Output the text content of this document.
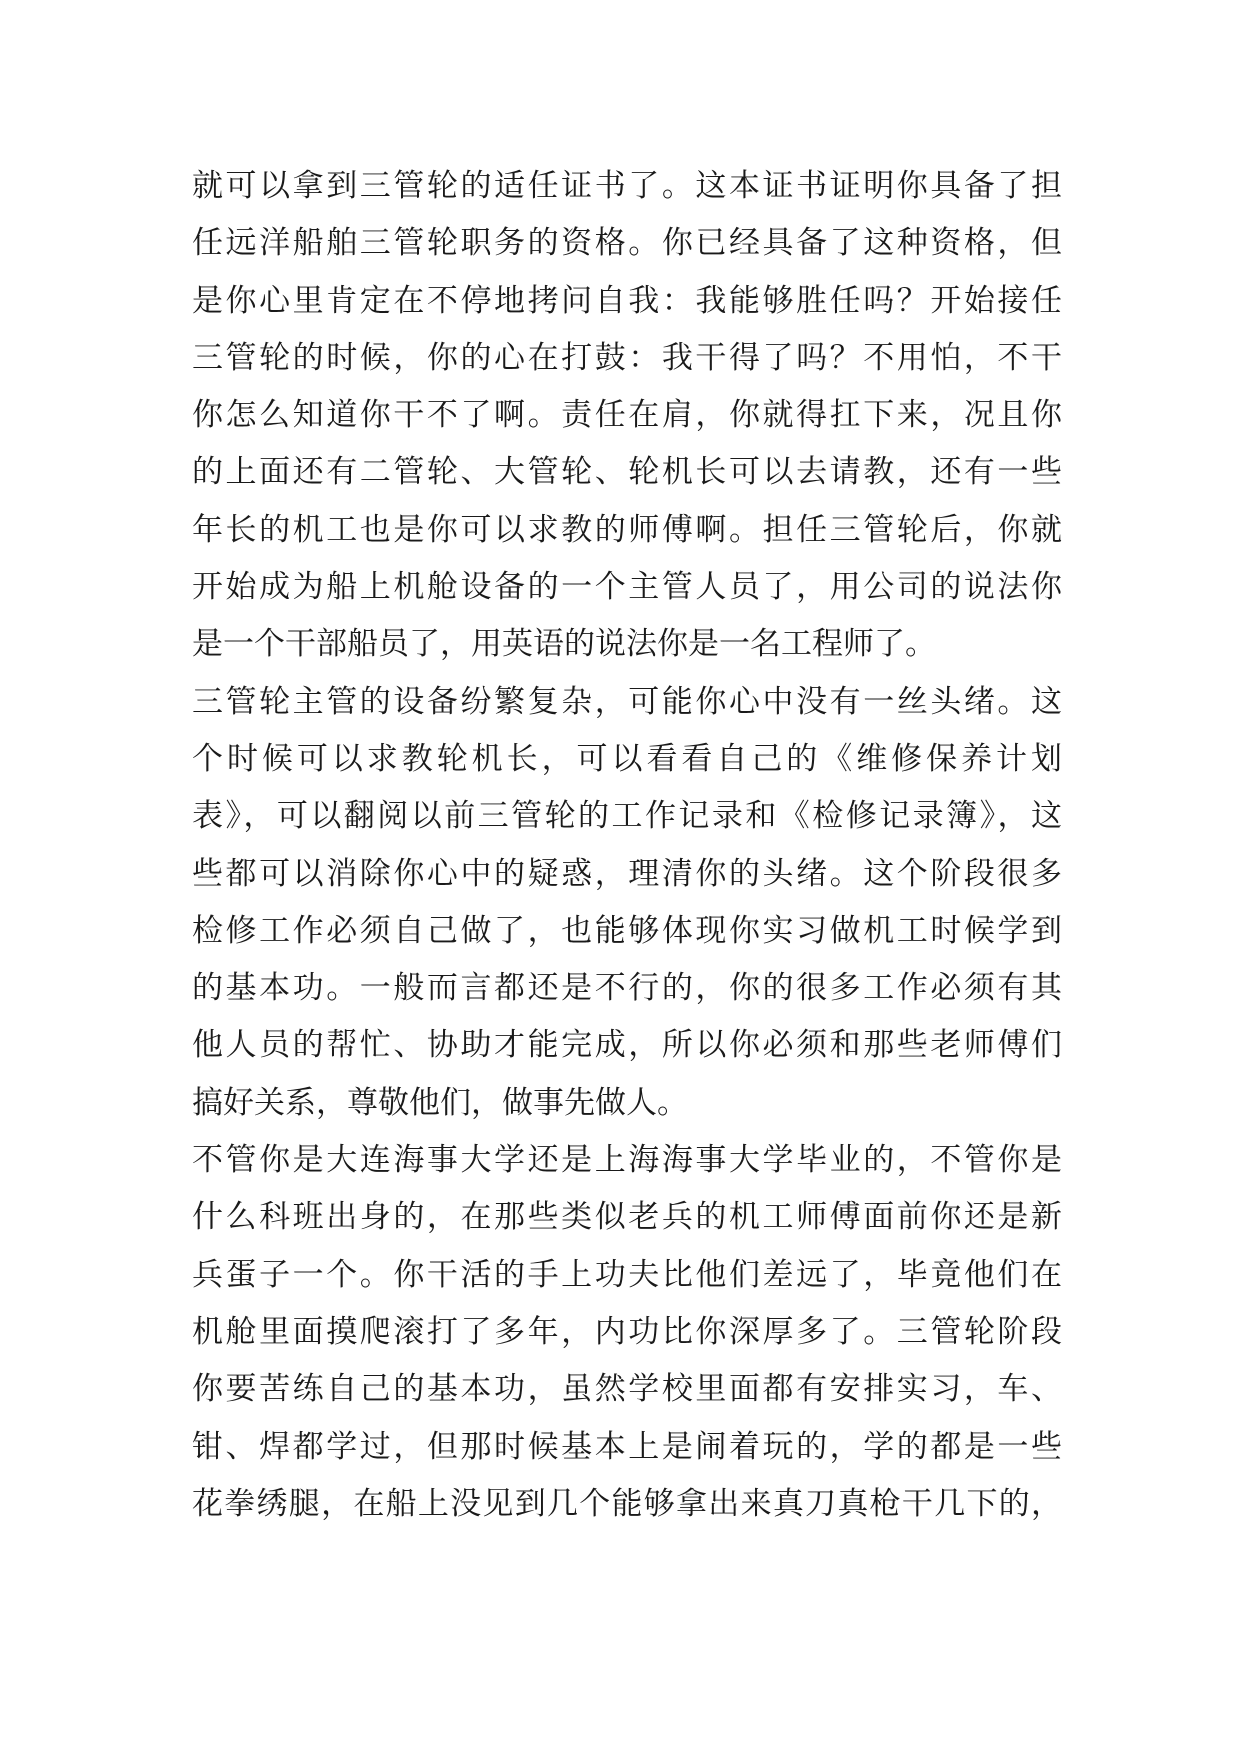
就可以拿到三管轮的适任证书了。这本证书证明你具备了担
任远洋船舶三管轮职务的资格。你已经具备了这种资格，但
是你心里肯定在不停地拷问自我：我能够胜任吗？开始接任
三管轮的时候，你的心在打鼓：我干得了吗？不用怕，不干
你怎么知道你干不了啊。责任在肩，你就得扛下来，况且你
的上面还有二管轮、大管轮、轮机长可以去请教，还有一些
年长的机工也是你可以求教的师傅啊。担任三管轮后，你就
开始成为船上机舱设备的一个主管人员了，用公司的说法你
是一个干部船员了，用英语的说法你是一名工程师了。
三管轮主管的设备纷繁复杂，可能你心中没有一丝头绪。这
个时候可以求教轮机长，可以看看自己的《维修保养计划
表》，可以翻阅以前三管轮的工作记录和《检修记录簿》，这
些都可以消除你心中的疑惑，理清你的头绪。这个阶段很多
检修工作必须自己做了，也能够体现你实习做机工时候学到
的基本功。一般而言都还是不行的，你的很多工作必须有其
他人员的帮忙、协助才能完成，所以你必须和那些老师傅们
搞好关系，尊敬他们，做事先做人。
不管你是大连海事大学还是上海海事大学毕业的，不管你是
什么科班出身的，在那些类似老兵的机工师傅面前你还是新
兵蛋子一个。你干活的手上功夫比他们差远了，毕竟他们在
机舱里面摸爬滚打了多年，内功比你深厚多了。三管轮阶段
你要苦练自己的基本功，虽然学校里面都有安排实习，车、
钳、焊都学过，但那时候基本上是闹着玩的，学的都是一些
花拳绣腿，在船上没见到几个能够拿出来真刀真枪干几下的，
